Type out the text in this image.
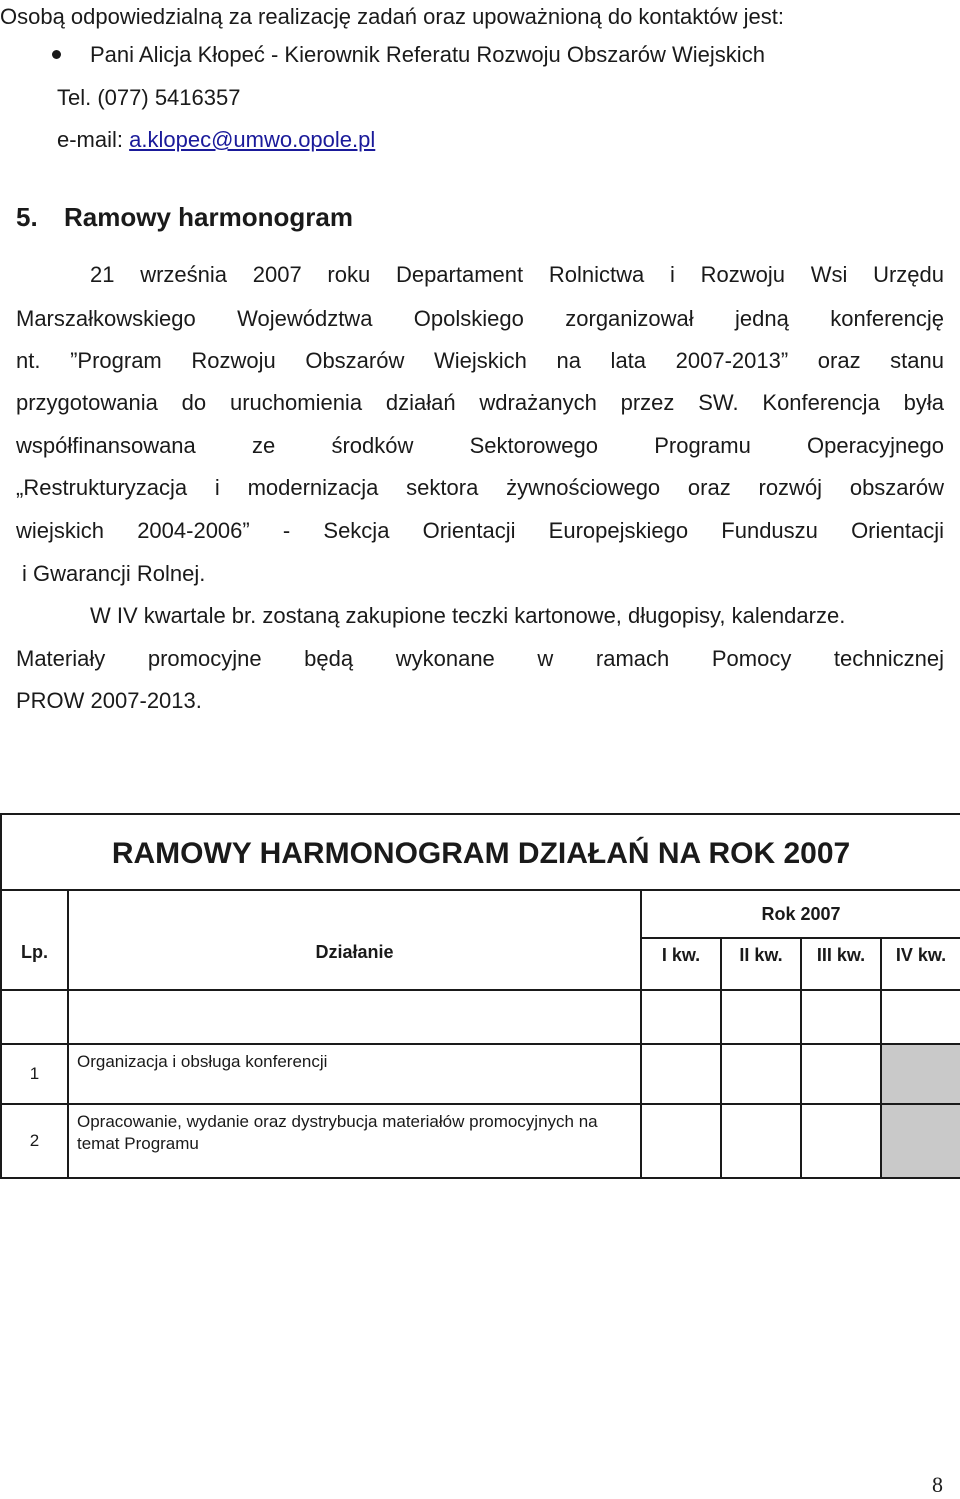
Osobą odpowiedzialną za realizację zadań oraz upoważnioną do kontaktów jest:
Pani Alicja Kłopeć - Kierownik Referatu Rozwoju Obszarów Wiejskich
Tel. (077) 5416357
e-mail: a.klopec@umwo.opole.pl
5. Ramowy harmonogram
21 września 2007 roku Departament Rolnictwa i Rozwoju Wsi Urzędu
Marszałkowskiego Województwa Opolskiego zorganizował jedną konferencję
nt. ”Program Rozwoju Obszarów Wiejskich na lata 2007-2013” oraz stanu
przygotowania do uruchomienia działań wdrażanych przez SW. Konferencja była
współfinansowana ze środków Sektorowego Programu Operacyjnego
„Restrukturyzacja i modernizacja sektora żywnościowego oraz rozwój obszarów
wiejskich 2004-2006” - Sekcja Orientacji Europejskiego Funduszu Orientacji
i Gwarancji Rolnej.
W IV kwartale br. zostaną zakupione teczki kartonowe, długopisy, kalendarze.
Materiały promocyjne będą wykonane w ramach Pomocy technicznej
PROW 2007-2013.
RAMOWY HARMONOGRAM DZIAŁAŃ NA ROK 2007					
Lp.	Działanie	Rok 2007			
		I kw.	II kw.	III kw.	IV kw.

1	Organizacja i obsługa konferencji				
2	Opracowanie, wydanie oraz dystrybucja materiałów promocyjnych na temat Programu				
8
